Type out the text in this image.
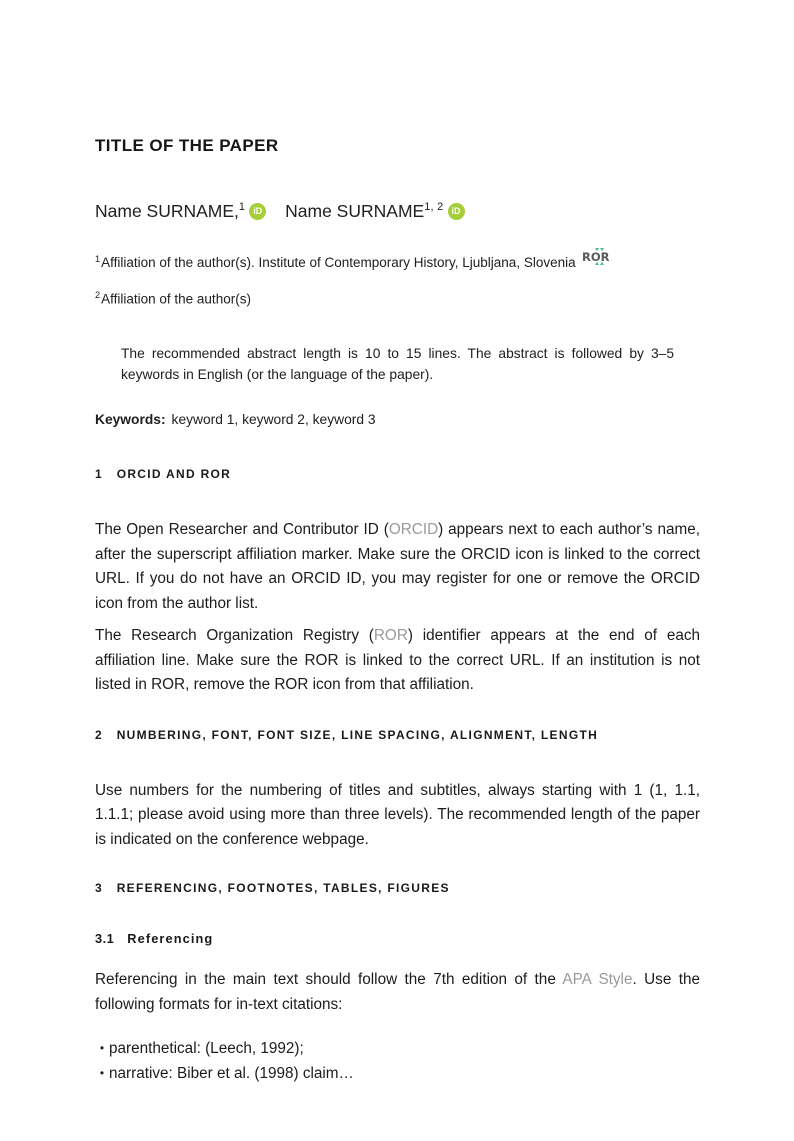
TITLE OF THE PAPER
Name SURNAME,$^1$ iD Name SURNAME$^{1, 2}$ iD

$^1$Affiliation of the author(s). Institute of Contemporary History, Ljubljana, Slovenia ROR

$^2$Affiliation of the author(s)

The recommended abstract length is 10 to 15 lines. The abstract is followed by 3–5 keywords in English (or the language of the paper).

Keywords: keyword 1, keyword 2, keyword 3

1 ORCID AND ROR

The Open Researcher and Contributor ID (ORCID) appears next to each author’s name, after the superscript affiliation marker. Make sure the ORCID icon is linked to the correct URL. If you do not have an ORCID ID, you may register for one or remove the ORCID icon from the author list.

The Research Organization Registry (ROR) identifier appears at the end of each affiliation line. Make sure the ROR is linked to the correct URL. If an institution is not listed in ROR, remove the ROR icon from that affiliation.

2 NUMBERING, FONT, FONT SIZE, LINE SPACING, ALIGNMENT, LENGTH

Use numbers for the numbering of titles and subtitles, always starting with 1 (1, 1.1, 1.1.1; please avoid using more than three levels). The recommended length of the paper is indicated on the conference webpage.

3 REFERENCING, FOOTNOTES, TABLES, FIGURES
3.1 Referencing

Referencing in the main text should follow the 7th edition of the APA Style. Use the following formats for in-text citations:

• parenthetical: (Leech, 1992);
• narrative: Biber et al. (1998) claim…
